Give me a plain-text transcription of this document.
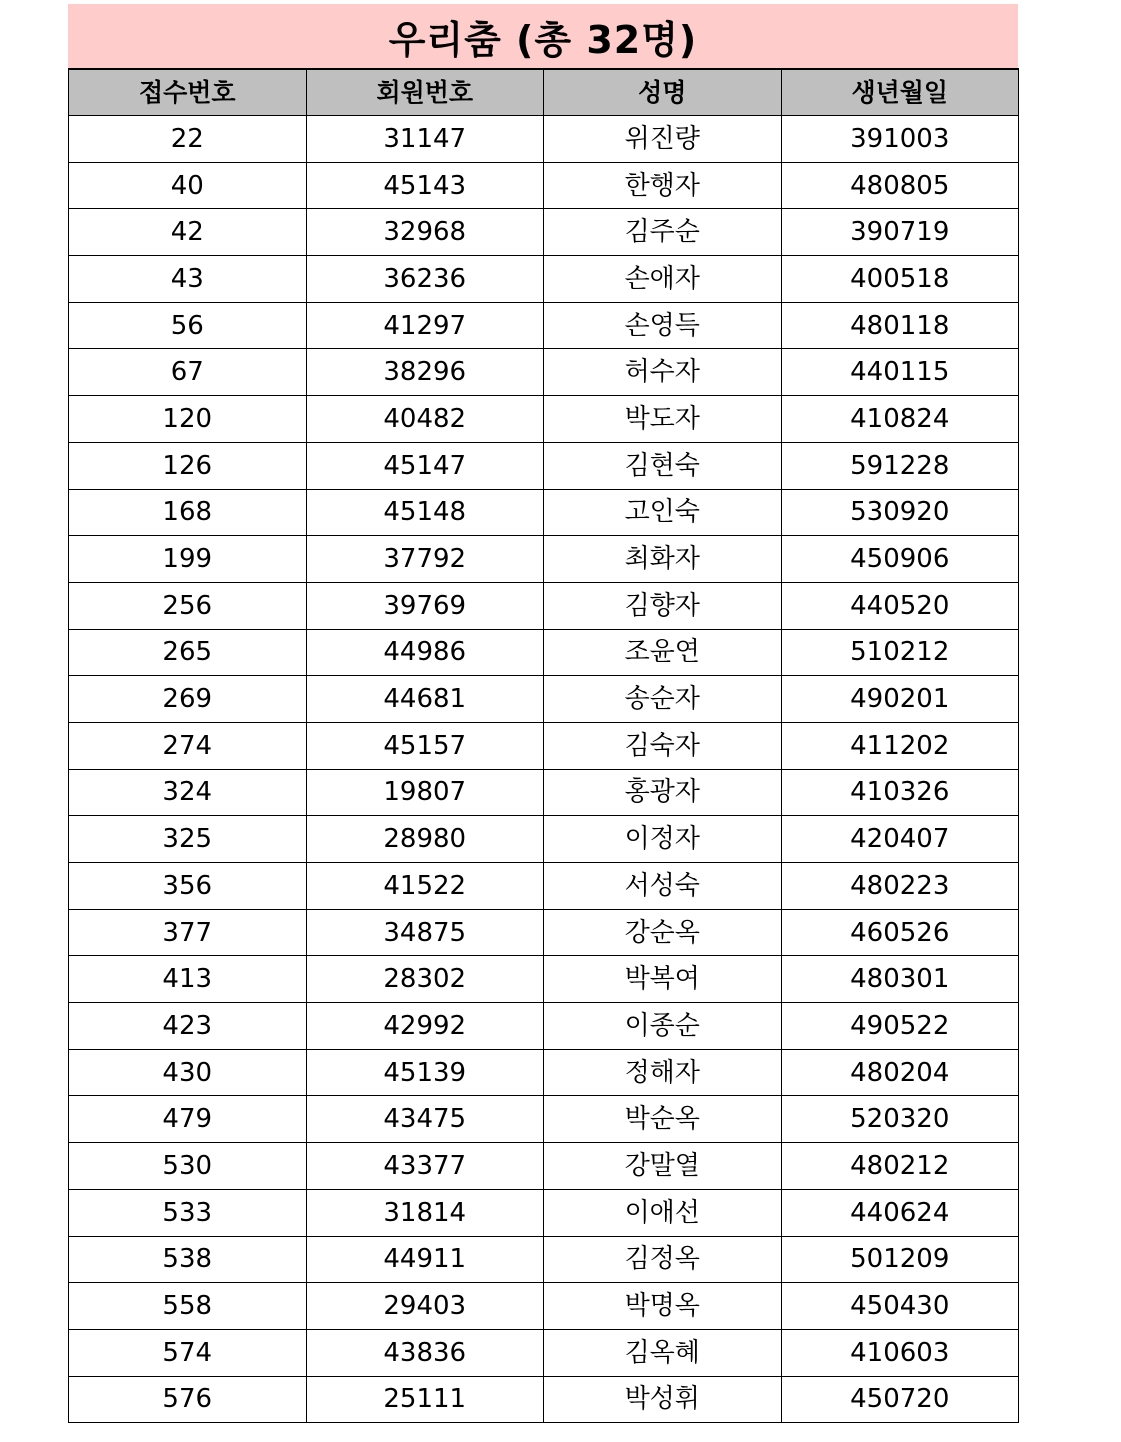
우리춤 (총 32명)
접수번호	회원번호	성명	생년월일
22	31147	위진량	391003
40	45143	한행자	480805
42	32968	김주순	390719
43	36236	손애자	400518
56	41297	손영득	480118
67	38296	허수자	440115
120	40482	박도자	410824
126	45147	김현숙	591228
168	45148	고인숙	530920
199	37792	최화자	450906
256	39769	김향자	440520
265	44986	조윤연	510212
269	44681	송순자	490201
274	45157	김숙자	411202
324	19807	홍광자	410326
325	28980	이정자	420407
356	41522	서성숙	480223
377	34875	강순옥	460526
413	28302	박복여	480301
423	42992	이종순	490522
430	45139	정해자	480204
479	43475	박순옥	520320
530	43377	강말열	480212
533	31814	이애선	440624
538	44911	김정옥	501209
558	29403	박명옥	450430
574	43836	김옥혜	410603
576	25111	박성휘	450720
